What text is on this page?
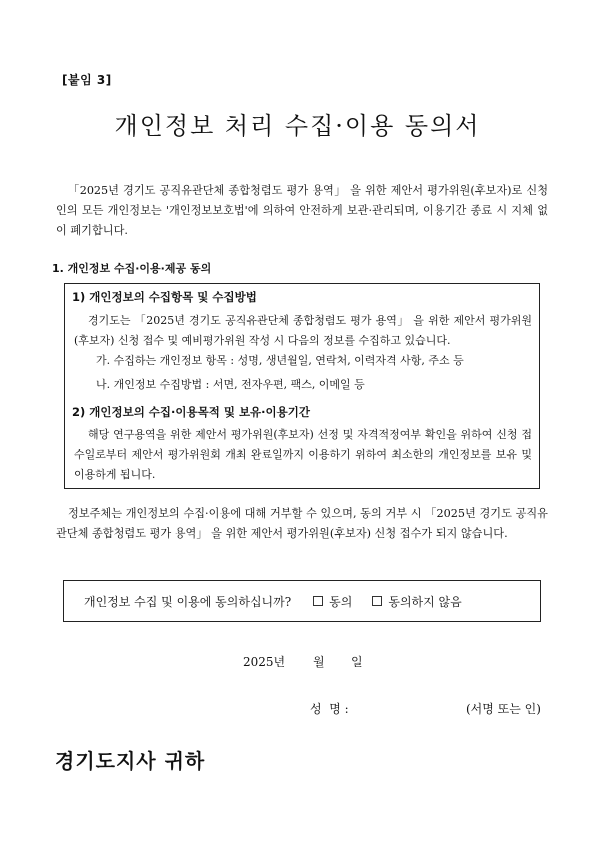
[붙임 3]
개인정보 처리 수집·이용 동의서
「2025년 경기도 공직유관단체 종합청렴도 평가 용역」 을 위한 제안서 평가위원(후보자)로 신청인의 모든 개인정보는 '개인정보보호법'에 의하여 안전하게 보관·관리되며, 이용기간 종료 시 지체 없이 폐기합니다.
1. 개인정보 수집·이용·제공 동의
1) 개인정보의 수집항목 및 수집방법
경기도는 「2025년 경기도 공직유관단체 종합청렴도 평가 용역」 을 위한 제안서 평가위원(후보자) 신청 접수 및 예비평가위원 작성 시 다음의 정보를 수집하고 있습니다.
가. 수집하는 개인정보 항목 : 성명, 생년월일, 연락처, 이력자격 사항, 주소 등
나. 개인정보 수집방법 : 서면, 전자우편, 팩스, 이메일 등
2) 개인정보의 수집·이용목적 및 보유·이용기간
해당 연구용역을 위한 제안서 평가위원(후보자) 선정 및 자격적정여부 확인을 위하여 신청 접수일로부터 제안서 평가위원회 개최 완료일까지 이용하기 위하여 최소한의 개인정보를 보유 및 이용하게 됩니다.
정보주체는 개인정보의 수집·이용에 대해 거부할 수 있으며, 동의 거부 시 「2025년 경기도 공직유관단체 종합청렴도 평가 용역」 을 위한 제안서 평가위원(후보자) 신청 접수가 되지 않습니다.
개인정보 수집 및 이용에 동의하십니까?	동의	동의하지 않음
2025년 월 일
성  명 :	(서명 또는 인)
경기도지사 귀하
